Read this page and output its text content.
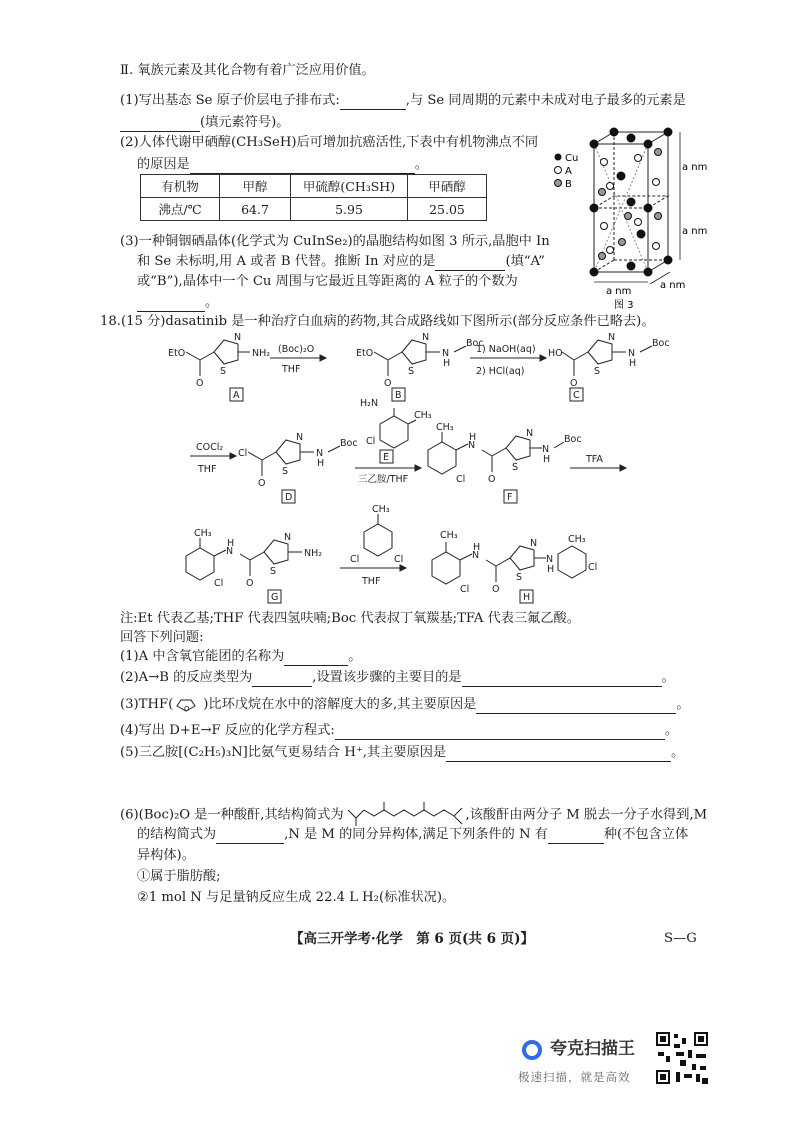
Ⅱ. 氧族元素及其化合物有着广泛应用价值。
(1)写出基态 Se 原子价层电子排布式:	,与 Se 同周期的元素中未成对电子最多的元素是
(填元素符号)。
(2)人体代谢甲硒醇(CH₃SeH)后可增加抗癌活性,下表中有机物沸点不同
的原因是	。
有机物	甲醇	甲硫醇(CH₃SH)	甲硒醇
沸点/℃	64.7	5.95	25.05
(3)一种铜铟硒晶体(化学式为 CuInSe₂)的晶胞结构如图 3 所示,晶胞中 In
和 Se 未标明,用 A 或者 B 代替。推断 In 对应的是	(填“A”
或“B”),晶体中一个 Cu 周围与它最近且等距离的 A 粒子的个数为
。
Cu
A
B
a nm
a nm
a nm
a nm
图 3
18.(15 分)dasatinib 是一种治疗白血病的药物,其合成路线如下图所示(部分反应条件已略去)。
(Boc)₂O
THF
1) NaOH(aq)
2) HCl(aq)
COCl₂
THF
三乙胺/THF
TFA
THF
EtO
O
N
S
NH₂	EtO
O
N
S
N
H
Boc
HO
O
N
S
N
H
Boc
Cl
O
N
S
N
H
Boc
H₂N
CH₃
Cl
CH₃
Cl
N
H
O
N
S
N
H
Boc
CH₃
Cl
N
H
O
N
S
NH₂
CH₃
Cl	Cl
CH₃
Cl
N
H
O
N
S
N
H
CH₃
Cl
A	B	C
D
E
F
G	H
注:Et 代表乙基;THF 代表四氢呋喃;Boc 代表叔丁氧羰基;TFA 代表三氟乙酸。
回答下列问题:
(1)A 中含氧官能团的名称为	。
(2)A→B 的反应类型为	,设置该步骤的主要目的是	。
(3)THF( O )比环戊烷在水中的溶解度大的多,其主要原因是	。
(4)写出 D+E→F 反应的化学方程式:	。
(5)三乙胺[(C₂H₅)₃N]比氨气更易结合 H⁺,其主要原因是	。
(6)(Boc)₂O 是一种酸酐,其结构简式为	,该酸酐由两分子 M 脱去一分子水得到,M
的结构简式为	,N 是 M 的同分异构体,满足下列条件的 N 有	种(不包含立体
异构体)。
①属于脂肪酸;
②1 mol N 与足量钠反应生成 22.4 L H₂(标准状况)。
【高三开学考·化学　第 6 页(共 6 页)】	S—G
夸克扫描王
极速扫描，就是高效
